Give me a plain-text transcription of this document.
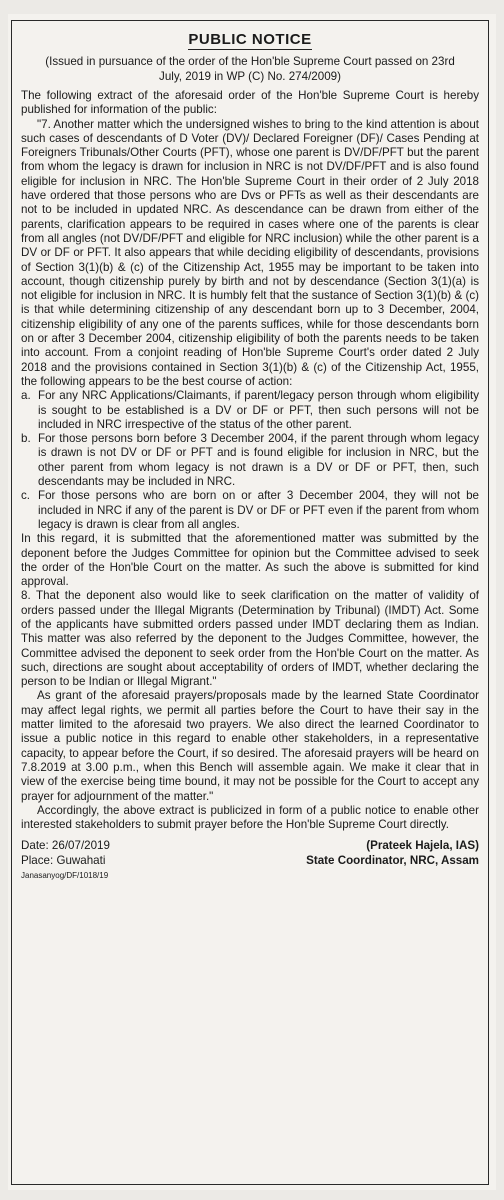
PUBLIC NOTICE
(Issued in pursuance of the order of the Hon'ble Supreme Court passed on 23rd July, 2019 in WP (C) No. 274/2009)

The following extract of the aforesaid order of the Hon'ble Supreme Court is hereby published for information of the public:

"7. Another matter which the undersigned wishes to bring to the kind attention is about such cases of descendants of D Voter (DV)/ Declared Foreigner (DF)/ Cases Pending at Foreigners Tribunals/Other Courts (PFT), whose one parent is DV/DF/PFT but the parent from whom the legacy is drawn for inclusion in NRC is not DV/DF/PFT and is also found eligible for inclusion in NRC. The Hon'ble Supreme Court in their order of 2 July 2018 have ordered that those persons who are Dvs or PFTs as well as their descendants are not to be included in updated NRC. As descendance can be drawn from either of the parents, clarification appears to be required in cases where one of the parents is clear from all angles (not DV/DF/PFT and eligible for NRC inclusion) while the other parent is a DV or DF or PFT. It also appears that while deciding eligibility of descendants, provisions of Section 3(1)(b) & (c) of the Citizenship Act, 1955 may be important to be taken into account, though citizenship purely by birth and not by descendance (Section 3(1)(a) is not eligible for inclusion in NRC. It is humbly felt that the sustance of Section 3(1)(b) & (c) is that while determining citizenship of any descendant born up to 3 December, 2004, citizenship eligibility of any one of the parents suffices, while for those descendants born on or after 3 December 2004, citizenship eligibility of both the parents needs to be taken into account. From a conjoint reading of Hon'ble Supreme Court's order dated 2 July 2018 and the provisions contained in Section 3(1)(b) & (c) of the Citizenship Act, 1955, the following appears to be the best course of action:

a. For any NRC Applications/Claimants, if parent/legacy person through whom eligibility is sought to be established is a DV or DF or PFT, then such persons will not be included in NRC irrespective of the status of the other parent.
b. For those persons born before 3 December 2004, if the parent through whom legacy is drawn is not DV or DF or PFT and is found eligible for inclusion in NRC, but the other parent from whom legacy is not drawn is a DV or DF or PFT, then, such descendants may be included in NRC.
c. For those persons who are born on or after 3 December 2004, they will not be included in NRC if any of the parent is DV or DF or PFT even if the parent from whom legacy is drawn is clear from all angles.

In this regard, it is submitted that the aforementioned matter was submitted by the deponent before the Judges Committee for opinion but the Committee advised to seek the order of the Hon'ble Court on the matter. As such the above is submitted for kind approval.

8. That the deponent also would like to seek clarification on the matter of validity of orders passed under the Illegal Migrants (Determination by Tribunal) (IMDT) Act. Some of the applicants have submitted orders passed under IMDT declaring them as Indian. This matter was also referred by the deponent to the Judges Committee, however, the Committee advised the deponent to seek order from the Hon'ble Court on the matter. As such, directions are sought about acceptability of orders of IMDT, whether declaring the person to be Indian or Illegal Migrant."

As grant of the aforesaid prayers/proposals made by the learned State Coordinator may affect legal rights, we permit all parties before the Court to have their say in the matter limited to the aforesaid two prayers. We also direct the learned Coordinator to issue a public notice in this regard to enable other stakeholders, in a representative capacity, to appear before the Court, if so desired. The aforesaid prayers will be heard on 7.8.2019 at 3.00 p.m., when this Bench will assemble again. We make it clear that in view of the exercise being time bound, it may not be possible for the Court to accept any prayer for adjournment of the matter."

Accordingly, the above extract is publicized in form of a public notice to enable other interested stakeholders to submit prayer before the Hon'ble Supreme Court directly.

Date: 26/07/2019
Place: Guwahati
(Prateek Hajela, IAS)
State Coordinator, NRC, Assam
Janasanyog/DF/1018/19
